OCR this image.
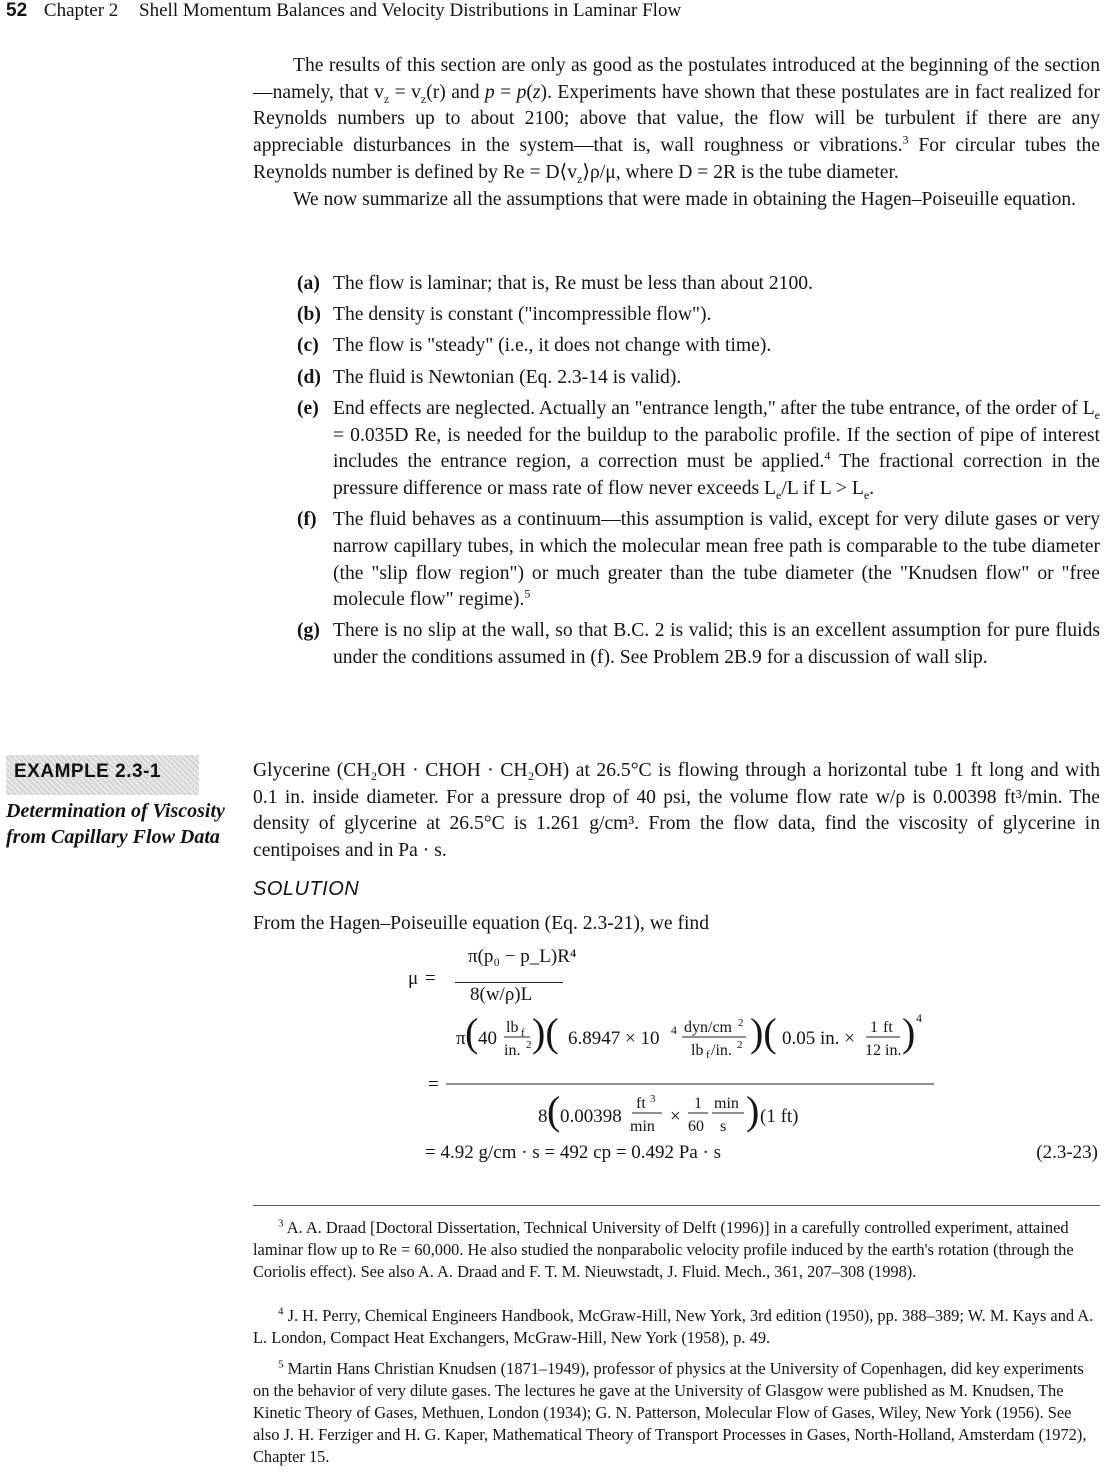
52 Chapter 2 Shell Momentum Balances and Velocity Distributions in Laminar Flow

The results of this section are only as good as the postulates introduced at the beginning of the section—namely, that $v_z = v_z(r)$ and p = p(z). Experiments have shown that these postulates are in fact realized for Reynolds numbers up to about 2100; above that value, the flow will be turbulent if there are any appreciable disturbances in the system—that is, wall roughness or vibrations.$^3$ For circular tubes the Reynolds number is defined by $Re = D⟨v_z⟩\rho/\mu$, where D = 2R is the tube diameter.

We now summarize all the assumptions that were made in obtaining the Hagen–Poiseuille equation.

(a) The flow is laminar; that is, Re must be less than about 2100.
(b) The density is constant ("incompressible flow").
(c) The flow is "steady" (i.e., it does not change with time).
(d) The fluid is Newtonian (Eq. 2.3-14 is valid).
(e) End effects are neglected. Actually an "entrance length," after the tube entrance, of the order of $L_e = 0.035D$ Re, is needed for the buildup to the parabolic profile. If the section of pipe of interest includes the entrance region, a correction must be applied.$^4$ The fractional correction in the pressure difference or mass rate of flow never exceeds $L_e/L$ if $L > L_e$.
(f) The fluid behaves as a continuum—this assumption is valid, except for very dilute gases or very narrow capillary tubes, in which the molecular mean free path is comparable to the tube diameter (the "slip flow region") or much greater than the tube diameter (the "Knudsen flow" or "free molecule flow" regime).$^5$
(g) There is no slip at the wall, so that B.C. 2 is valid; this is an excellent assumption for pure fluids under the conditions assumed in (f). See Problem 2B.9 for a discussion of wall slip.
EXAMPLE 2.3-1
Determination of Viscosity from Capillary Flow Data
Glycerine (CH₂OH · CHOH · CH₂OH) at 26.5°C is flowing through a horizontal tube 1 ft long and with 0.1 in. inside diameter. For a pressure drop of 40 psi, the volume flow rate w/ρ is 0.00398 ft³/min. The density of glycerine at 26.5°C is 1.261 g/cm³. From the flow data, find the viscosity of glycerine in centipoises and in Pa · s.
SOLUTION
From the Hagen–Poiseuille equation (Eq. 2.3-21), we find
μ =
π(p₀ − p_L)R⁴
8(w/ρ)L
=
π ( 40
lb f
in. 2 )( 6.8947 × 10 4 dyn/cm 2
lb f /in. 2 )( 0.05 in. ×
1 ft
12 in. ) 4
8 ( 0.00398
ft 3
min ×
1
60
min
s ) (1 ft)
= 4.92 g/cm · s = 492 cp = 0.492 Pa · s	(2.3-23)

$^3$ A. A. Draad [Doctoral Dissertation, Technical University of Delft (1996)] in a carefully controlled experiment, attained laminar flow up to Re = 60,000. He also studied the nonparabolic velocity profile induced by the earth's rotation (through the Coriolis effect). See also A. A. Draad and F. T. M. Nieuwstadt, J. Fluid. Mech., 361, 207–308 (1998).

$^4$ J. H. Perry, Chemical Engineers Handbook, McGraw-Hill, New York, 3rd edition (1950), pp. 388–389; W. M. Kays and A. L. London, Compact Heat Exchangers, McGraw-Hill, New York (1958), p. 49.

$^5$ Martin Hans Christian Knudsen (1871–1949), professor of physics at the University of Copenhagen, did key experiments on the behavior of very dilute gases. The lectures he gave at the University of Glasgow were published as M. Knudsen, The Kinetic Theory of Gases, Methuen, London (1934); G. N. Patterson, Molecular Flow of Gases, Wiley, New York (1956). See also J. H. Ferziger and H. G. Kaper, Mathematical Theory of Transport Processes in Gases, North-Holland, Amsterdam (1972), Chapter 15.
